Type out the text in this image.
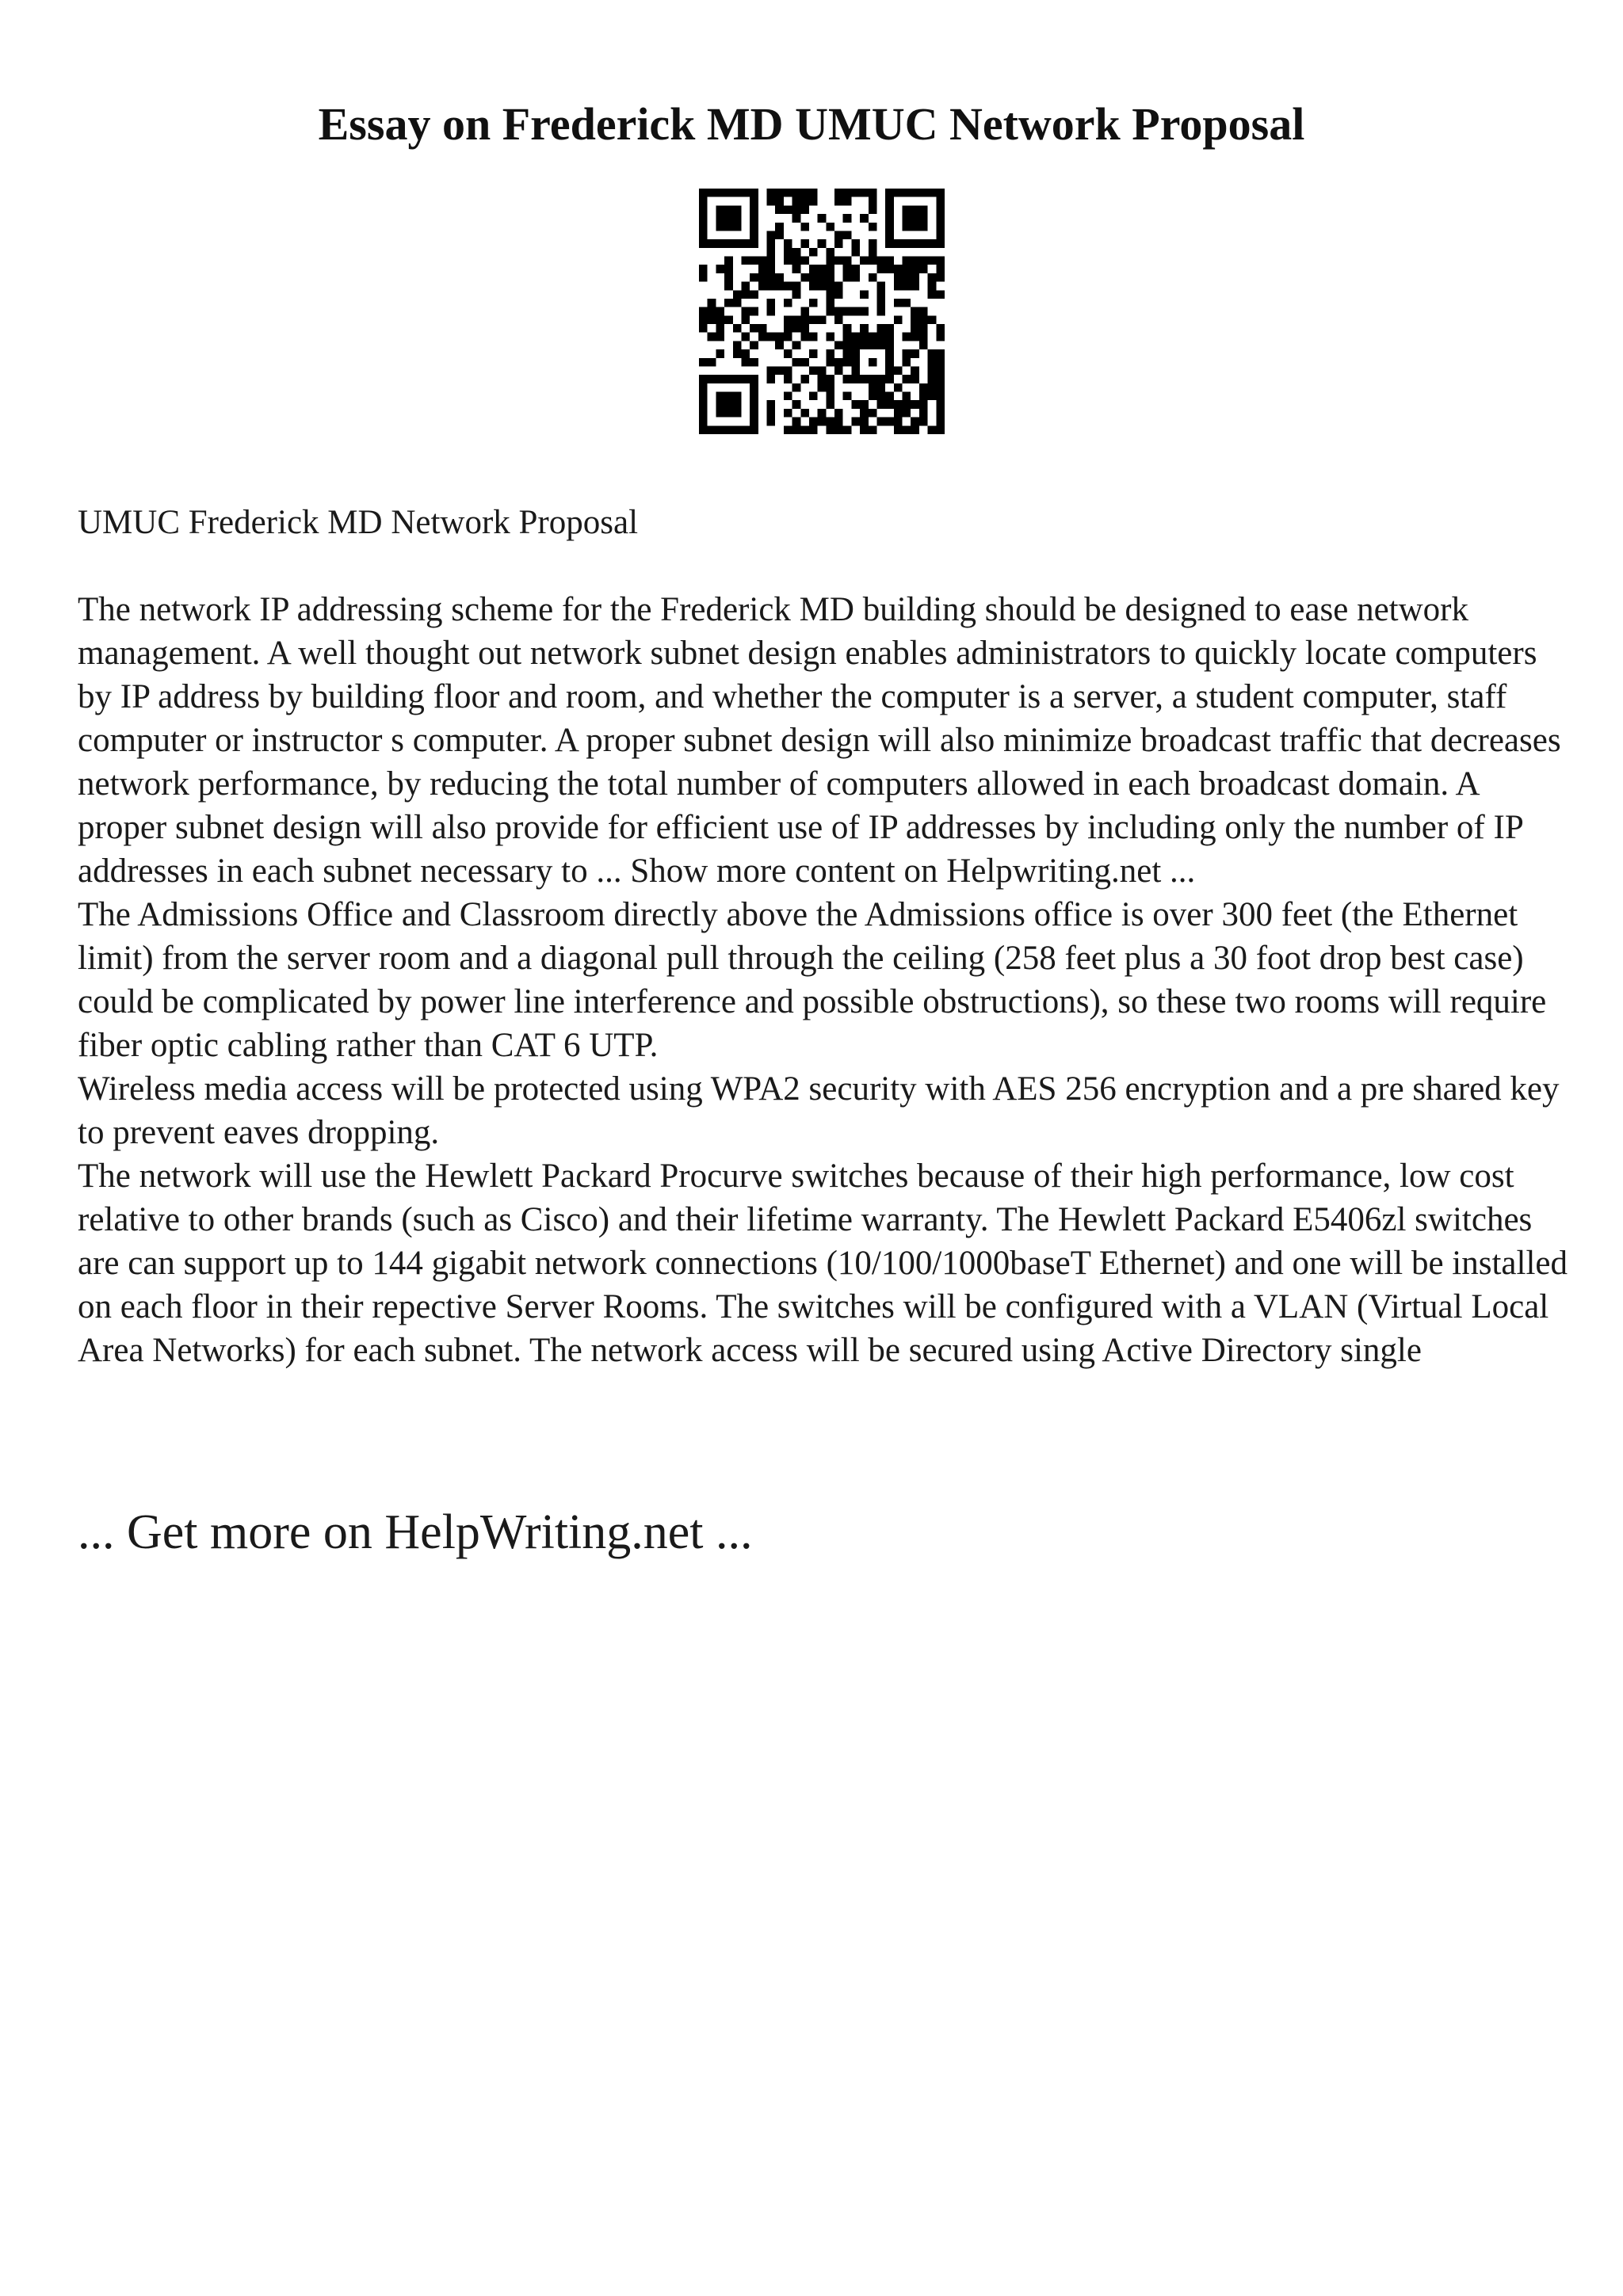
Essay on Frederick MD UMUC Network Proposal

UMUC Frederick MD Network Proposal

The network IP addressing scheme for the Frederick MD building should be designed to ease network management. A well thought out network subnet design enables administrators to quickly locate computers by IP address by building floor and room, and whether the computer is a server, a student computer, staff computer or instructor s computer. A proper subnet design will also minimize broadcast traffic that decreases network performance, by reducing the total number of computers allowed in each broadcast domain. A proper subnet design will also provide for efficient use of IP addresses by including only the number of IP addresses in each subnet necessary to ... Show more content on Helpwriting.net ...

The Admissions Office and Classroom directly above the Admissions office is over 300 feet (the Ethernet limit) from the server room and a diagonal pull through the ceiling (258 feet plus a 30 foot drop best case) could be complicated by power line interference and possible obstructions), so these two rooms will require fiber optic cabling rather than CAT 6 UTP.

Wireless media access will be protected using WPA2 security with AES 256 encryption and a pre shared key to prevent eaves dropping.

The network will use the Hewlett Packard Procurve switches because of their high performance, low cost relative to other brands (such as Cisco) and their lifetime warranty. The Hewlett Packard E5406zl switches are can support up to 144 gigabit network connections (10/100/1000baseT Ethernet) and one will be installed on each floor in their repective Server Rooms. The switches will be configured with a VLAN (Virtual Local Area Networks) for each subnet. The network access will be secured using Active Directory single

... Get more on HelpWriting.net ...
